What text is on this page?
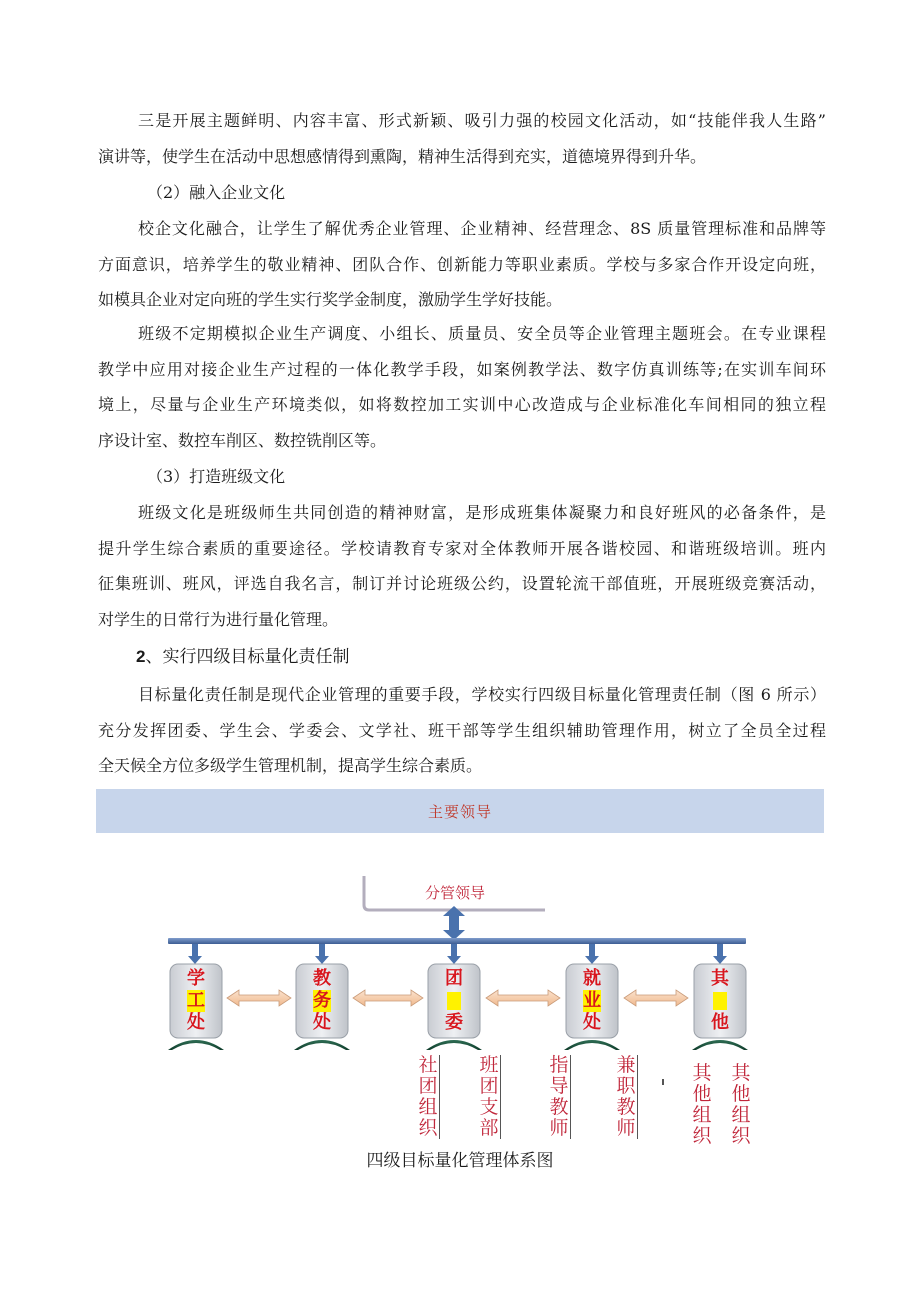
三是开展主题鲜明、内容丰富、形式新颖、吸引力强的校园文化活动，如“技能伴我人生路”
演讲等，使学生在活动中思想感情得到熏陶，精神生活得到充实，道德境界得到升华。
（2）融入企业文化
校企文化融合，让学生了解优秀企业管理、企业精神、经营理念、8S 质量管理标准和品牌等
方面意识，培养学生的敬业精神、团队合作、创新能力等职业素质。学校与多家合作开设定向班，
如模具企业对定向班的学生实行奖学金制度，激励学生学好技能。
班级不定期模拟企业生产调度、小组长、质量员、安全员等企业管理主题班会。在专业课程
教学中应用对接企业生产过程的一体化教学手段，如案例教学法、数字仿真训练等;在实训车间环
境上，尽量与企业生产环境类似，如将数控加工实训中心改造成与企业标准化车间相同的独立程
序设计室、数控车削区、数控铣削区等。
（3）打造班级文化
班级文化是班级师生共同创造的精神财富，是形成班集体凝聚力和良好班风的必备条件，是
提升学生综合素质的重要途径。学校请教育专家对全体教师开展各谐校园、和谐班级培训。班内
征集班训、班风，评选自我名言，制订并讨论班级公约，设置轮流干部值班，开展班级竞赛活动，
对学生的日常行为进行量化管理。
2、实行四级目标量化责任制
目标量化责任制是现代企业管理的重要手段，学校实行四级目标量化管理责任制（图 6 所示）
充分发挥团委、学生会、学委会、文学社、班干部等学生组织辅助管理作用，树立了全员全过程
全天候全方位多级学生管理机制，提高学生综合素质。
主要领导
分管领导
学
工
处
教
务
处
团
委
就
业
处
其
他
社团组织
班团支部
指导教师
兼职教师
其他组织
其他组织
四级目标量化管理体系图
